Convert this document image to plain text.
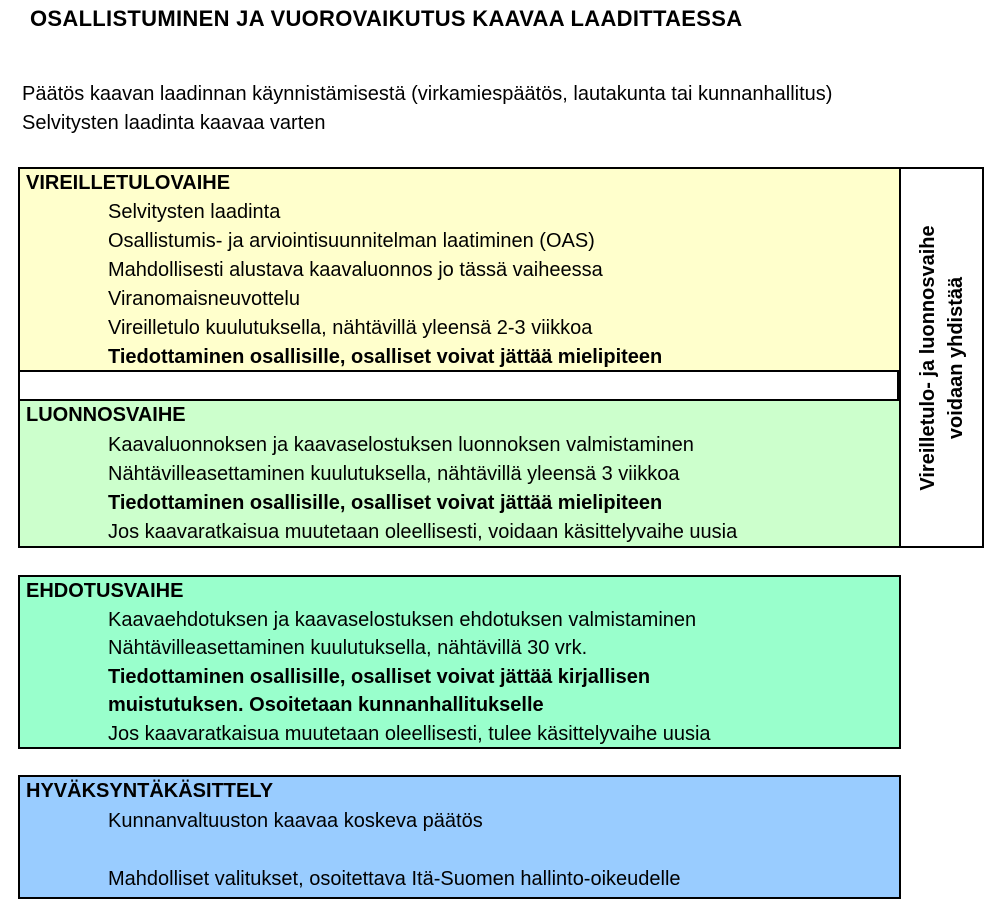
OSALLISTUMINEN JA VUOROVAIKUTUS KAAVAA LAADITTAESSA
Päätös kaavan laadinnan käynnistämisestä (virkamiespäätös, lautakunta tai kunnanhallitus)
Selvitysten laadinta kaavaa varten
VIREILLETULOVAIHE
Selvitysten laadinta
Osallistumis- ja arviointisuunnitelman laatiminen (OAS)
Mahdollisesti alustava kaavaluonnos jo tässä vaiheessa
Viranomaisneuvottelu
Vireilletulo kuulutuksella, nähtävillä yleensä 2-3 viikkoa
Tiedottaminen osallisille, osalliset voivat jättää mielipiteen
LUONNOSVAIHE
Kaavaluonnoksen ja kaavaselostuksen luonnoksen valmistaminen
Nähtävilleasettaminen kuulutuksella, nähtävillä yleensä 3 viikkoa
Tiedottaminen osallisille, osalliset voivat jättää mielipiteen
Jos kaavaratkaisua muutetaan oleellisesti, voidaan käsittelyvaihe uusia
Vireilletulo- ja luonnosvaihe voidaan yhdistää
EHDOTUSVAIHE
Kaavaehdotuksen ja kaavaselostuksen ehdotuksen valmistaminen
Nähtävilleasettaminen kuulutuksella, nähtävillä 30 vrk.
Tiedottaminen osallisille, osalliset voivat jättää kirjallisen
muistutuksen. Osoitetaan kunnanhallitukselle
Jos kaavaratkaisua muutetaan oleellisesti, tulee käsittelyvaihe uusia
HYVÄKSYNTÄKÄSITTELY
Kunnanvaltuuston kaavaa koskeva päätös
Mahdolliset valitukset, osoitettava Itä-Suomen hallinto-oikeudelle
